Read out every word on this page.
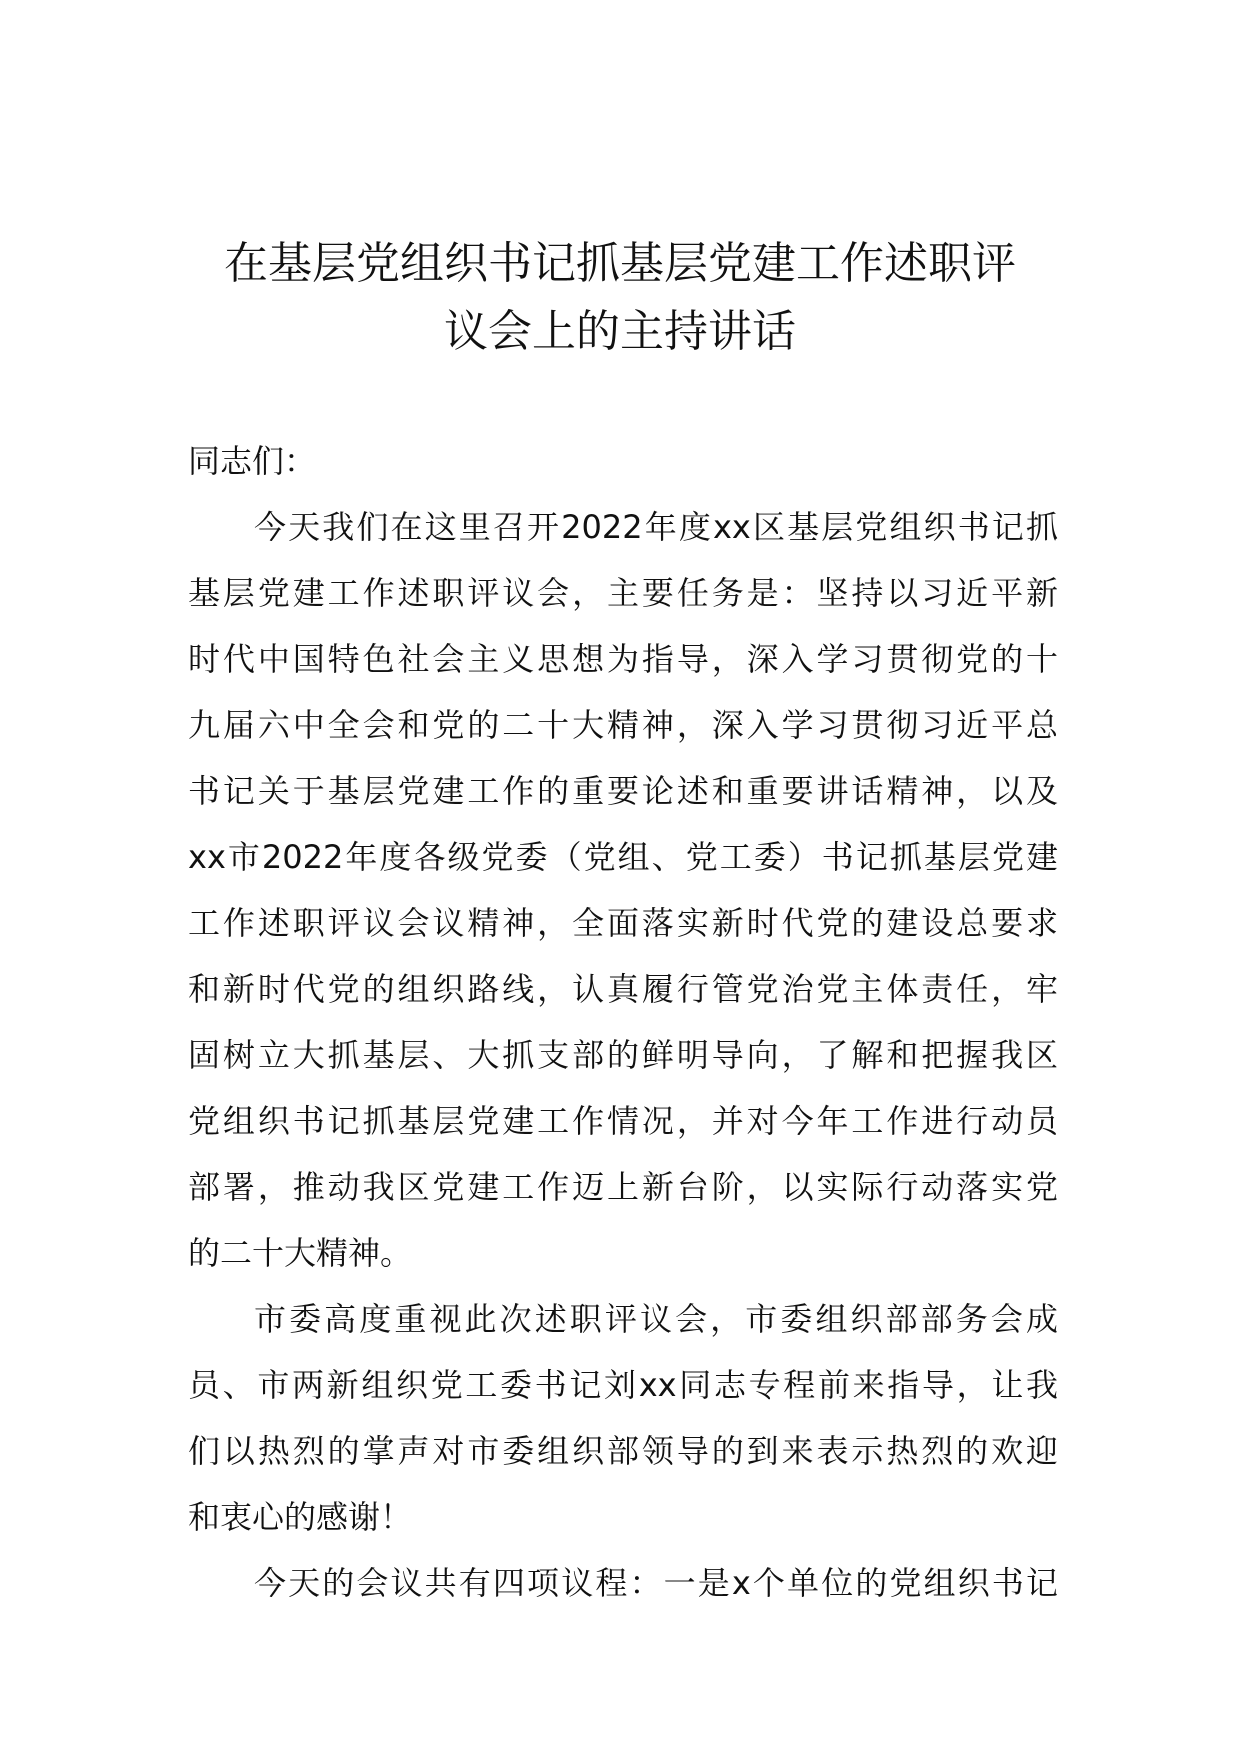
在基层党组织书记抓基层党建工作述职评
议会上的主持讲话
同志们：
今天我们在这里召开2022年度xx区基层党组织书记抓
基层党建工作述职评议会，主要任务是：坚持以习近平新
时代中国特色社会主义思想为指导，深入学习贯彻党的十
九届六中全会和党的二十大精神，深入学习贯彻习近平总
书记关于基层党建工作的重要论述和重要讲话精神，以及
xx市2022年度各级党委（党组、党工委）书记抓基层党建
工作述职评议会议精神，全面落实新时代党的建设总要求
和新时代党的组织路线，认真履行管党治党主体责任，牢
固树立大抓基层、大抓支部的鲜明导向，了解和把握我区
党组织书记抓基层党建工作情况，并对今年工作进行动员
部署，推动我区党建工作迈上新台阶，以实际行动落实党
的二十大精神。
市委高度重视此次述职评议会，市委组织部部务会成
员、市两新组织党工委书记刘xx同志专程前来指导，让我
们以热烈的掌声对市委组织部领导的到来表示热烈的欢迎
和衷心的感谢！
今天的会议共有四项议程：一是x个单位的党组织书记
